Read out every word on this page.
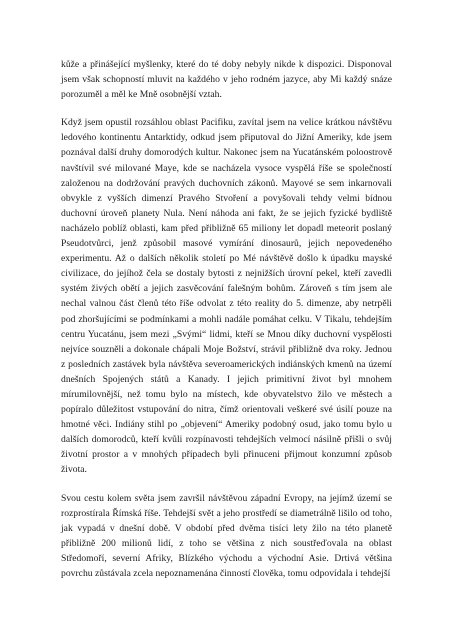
kůže a přinášející myšlenky, které do té doby nebyly nikde k dispozici. Disponoval jsem však schopností mluvit na každého v jeho rodném jazyce, aby Mi každý snáze porozuměl a měl ke Mně osobnější vztah.

Když jsem opustil rozsáhlou oblast Pacifiku, zavítal jsem na velice krátkou návštěvu ledového kontinentu Antarktidy, odkud jsem připutoval do Jižní Ameriky, kde jsem poznával další druhy domorodých kultur. Nakonec jsem na Yucatánském poloostrově navštívil své milované Maye, kde se nacházela vysoce vyspělá říše se společností založenou na dodržování pravých duchovních zákonů. Mayové se sem inkarnovali obvykle z vyšších dimenzí Pravého Stvoření a povyšovali tehdy velmi bídnou duchovní úroveň planety Nula. Není náhoda ani fakt, že se jejich fyzické bydliště nacházelo poblíž oblasti, kam před přibližně 65 miliony let dopadl meteorit poslaný Pseudotvůrci, jenž způsobil masové vymírání dinosaurů, jejich nepovedeného experimentu. Až o dalších několik století po Mé návštěvě došlo k úpadku mayské civilizace, do jejíhož čela se dostaly bytosti z nejnižších úrovní pekel, kteří zavedli systém živých obětí a jejich zasvěcování falešným bohům. Zároveň s tím jsem ale nechal valnou část členů této říše odvolat z této reality do 5. dimenze, aby netrpěli pod zhoršujícími se podmínkami a mohli nadále pomáhat celku. V Tikalu, tehdejším centru Yucatánu, jsem mezi „Svými“ lidmi, kteří se Mnou díky duchovní vyspělosti nejvíce souzněli a dokonale chápali Moje Božství, strávil přibližně dva roky. Jednou z posledních zastávek byla návštěva severoamerických indiánských kmenů na území dnešních Spojených států a Kanady. I jejich primitivní život byl mnohem mírumilovnější, než tomu bylo na místech, kde obyvatelstvo žilo ve městech a popíralo důležitost vstupování do nitra, čímž orientovali veškeré své úsilí pouze na hmotné věci. Indiány stihl po „objevení“ Ameriky podobný osud, jako tomu bylo u dalších domorodců, kteří kvůli rozpínavosti tehdejších velmocí násilně přišli o svůj životní prostor a v mnohých případech byli přinuceni přijmout konzumní způsob života.

Svou cestu kolem světa jsem završil návštěvou západní Evropy, na jejímž území se rozprostírala Římská říše. Tehdejší svět a jeho prostředí se diametrálně lišilo od toho, jak vypadá v dnešní době. V období před dvěma tisíci lety žilo na této planetě přibližně 200 milionů lidí, z toho se většina z nich soustřeďovala na oblast Středomoří, severní Afriky, Blízkého východu a východní Asie. Drtivá většina povrchu zůstávala zcela nepoznamenána činností člověka, tomu odpovídala i tehdejší
